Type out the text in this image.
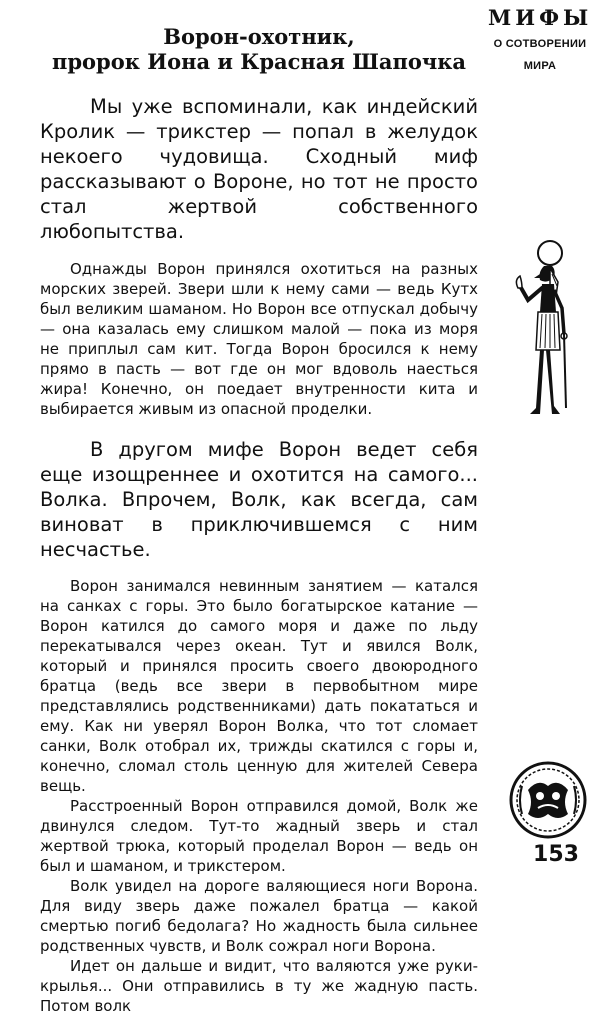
Ворон-охотник,
пророк Иона и Красная Шапочка

Мы уже вспоминали, как индейский Кролик — трикстер — попал в желудок некоего чудовища. Сходный миф рассказывают о Вороне, но тот не просто стал жертвой собственного любопытства.

Однажды Ворон принялся охотиться на разных морских зверей. Звери шли к нему сами — ведь Кутх был великим шаманом. Но Ворон все отпускал добычу — она казалась ему слишком малой — пока из моря не приплыл сам кит. Тогда Ворон бросился к нему прямо в пасть — вот где он мог вдоволь наесться жира! Конечно, он поедает внутренности кита и выбирается живым из опасной проделки.

В другом мифе Ворон ведет себя еще изощреннее и охотится на самого... Волка. Впрочем, Волк, как всегда, сам виноват в приключившемся с ним несчастье.

Ворон занимался невинным занятием — катался на санках с горы. Это было богатырское катание — Ворон катился до самого моря и даже по льду перекатывался через океан. Тут и явился Волк, который и принялся просить своего двоюродного братца (ведь все звери в первобытном мире представлялись родственниками) дать покататься и ему. Как ни уверял Ворон Волка, что тот сломает санки, Волк отобрал их, трижды скатился с горы и, конечно, сломал столь ценную для жителей Севера вещь.

Расстроенный Ворон отправился домой, Волк же двинулся следом. Тут-то жадный зверь и стал жертвой трюка, который проделал Ворон — ведь он был и шаманом, и трикстером.

Волк увидел на дороге валяющиеся ноги Ворона. Для виду зверь даже пожалел братца — какой смертью погиб бедолага? Но жадность была сильнее родственных чувств, и Волк сожрал ноги Ворона.

Идет он дальше и видит, что валяются уже руки-крылья... Они отправились в ту же жадную пасть. Потом волк

МИФЫ
О СОТВОРЕНИИ
МИРА
153
